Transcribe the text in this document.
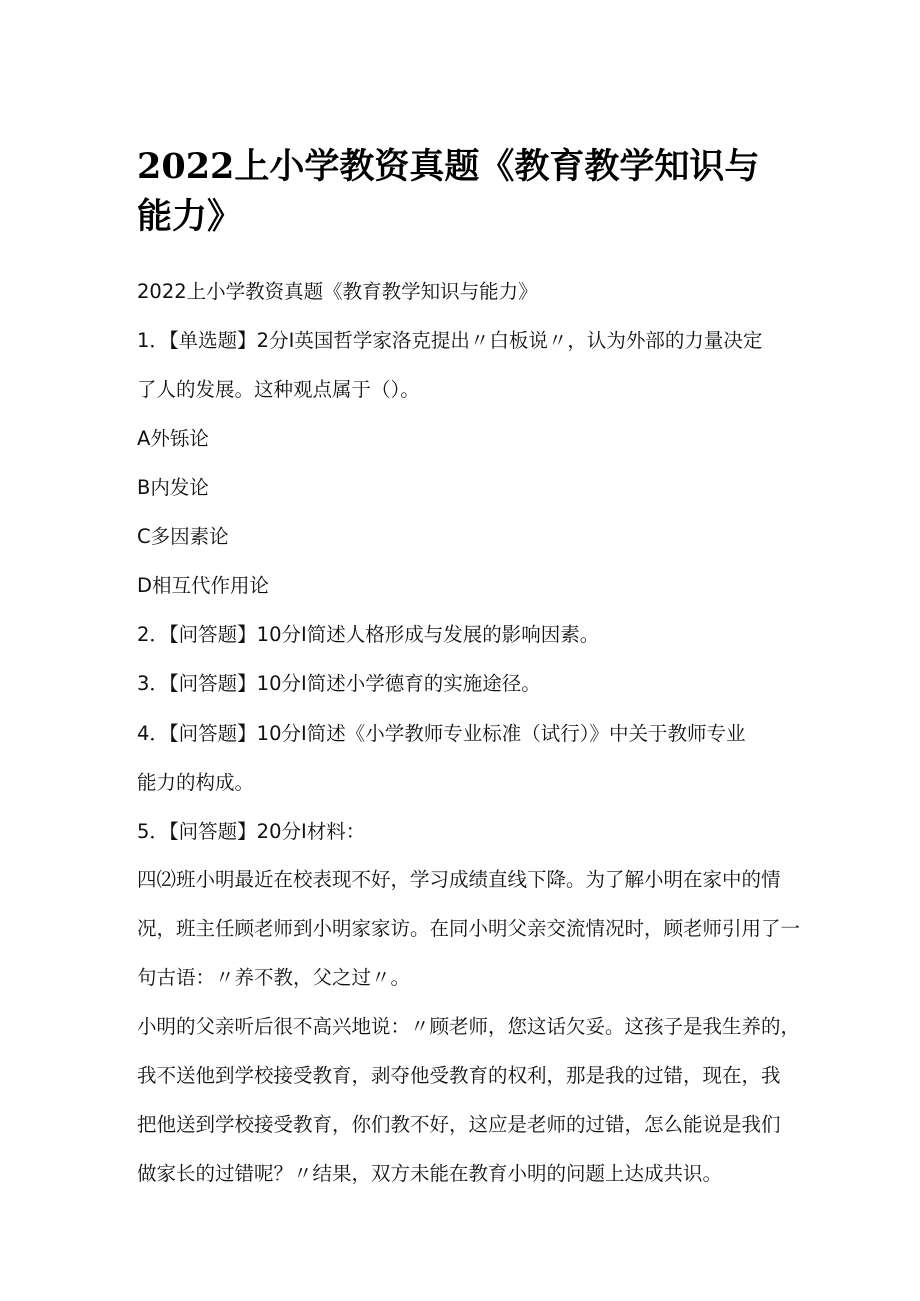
2022上小学教资真题《教育教学知识与能力》

2022上小学教资真题《教育教学知识与能力》

1．【单选题】2分I英国哲学家洛克提出〃白板说〃，认为外部的力量决定

了人的发展。这种观点属于（）。

A外铄论

B内发论

C多因素论

D相互代作用论

2．【问答题】10分I简述人格形成与发展的影响因素。

3．【问答题】10分I简述小学德育的实施途径。

4．【问答题】10分I简述《小学教师专业标准（试行）》中关于教师专业

能力的构成。

5．【问答题】20分I材料：

四⑵班小明最近在校表现不好，学习成绩直线下降。为了解小明在家中的情

况，班主任顾老师到小明家家访。在同小明父亲交流情况时，顾老师引用了一

句古语：〃养不教，父之过〃。

小明的父亲听后很不高兴地说：〃顾老师，您这话欠妥。这孩子是我生养的，

我不送他到学校接受教育，剥夺他受教育的权利，那是我的过错，现在，我

把他送到学校接受教育，你们教不好，这应是老师的过错，怎么能说是我们

做家长的过错呢？〃结果，双方未能在教育小明的问题上达成共识。
